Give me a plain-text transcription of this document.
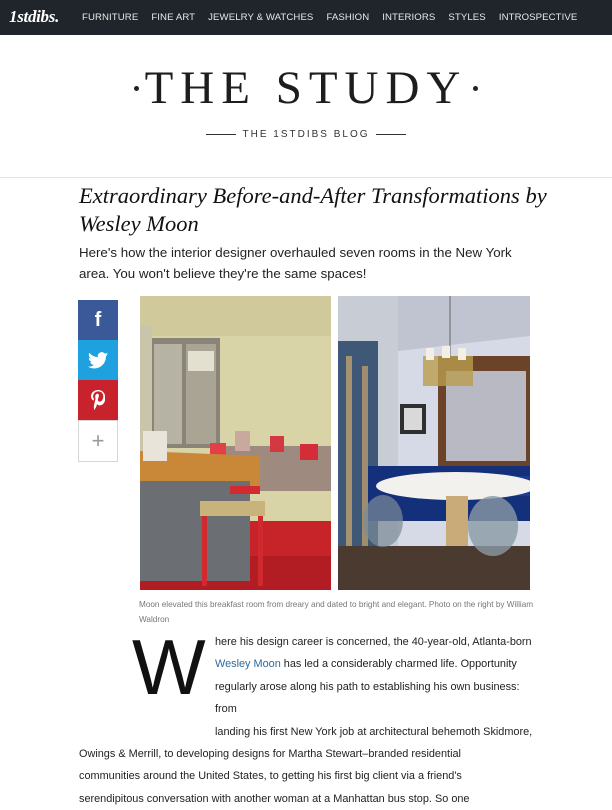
1stdibs. FURNITURE FINE ART JEWELRY & WATCHES FASHION INTERIORS STYLES INTROSPECTIVE
THE STUDY
THE 1STDIBS BLOG
Extraordinary Before-and-After Transformations by Wesley Moon

Here's how the interior designer overhauled seven rooms in the New York area. You won't believe they're the same spaces!

f
+

Moon elevated this breakfast room from dreary and dated to bright and elegant. Photo on the right by William Waldron

W here his design career is concerned, the 40-year-old, Atlanta-born
Wesley Moon has led a considerably charmed life. Opportunity
regularly arose along his path to establishing his own business: from
landing his first New York job at architectural behemoth Skidmore,
Owings & Merrill, to developing designs for Martha Stewart–branded residential
communities around the United States, to getting his first big client via a friend's
serendipitous conversation with another woman at a Manhattan bus stop. So one
